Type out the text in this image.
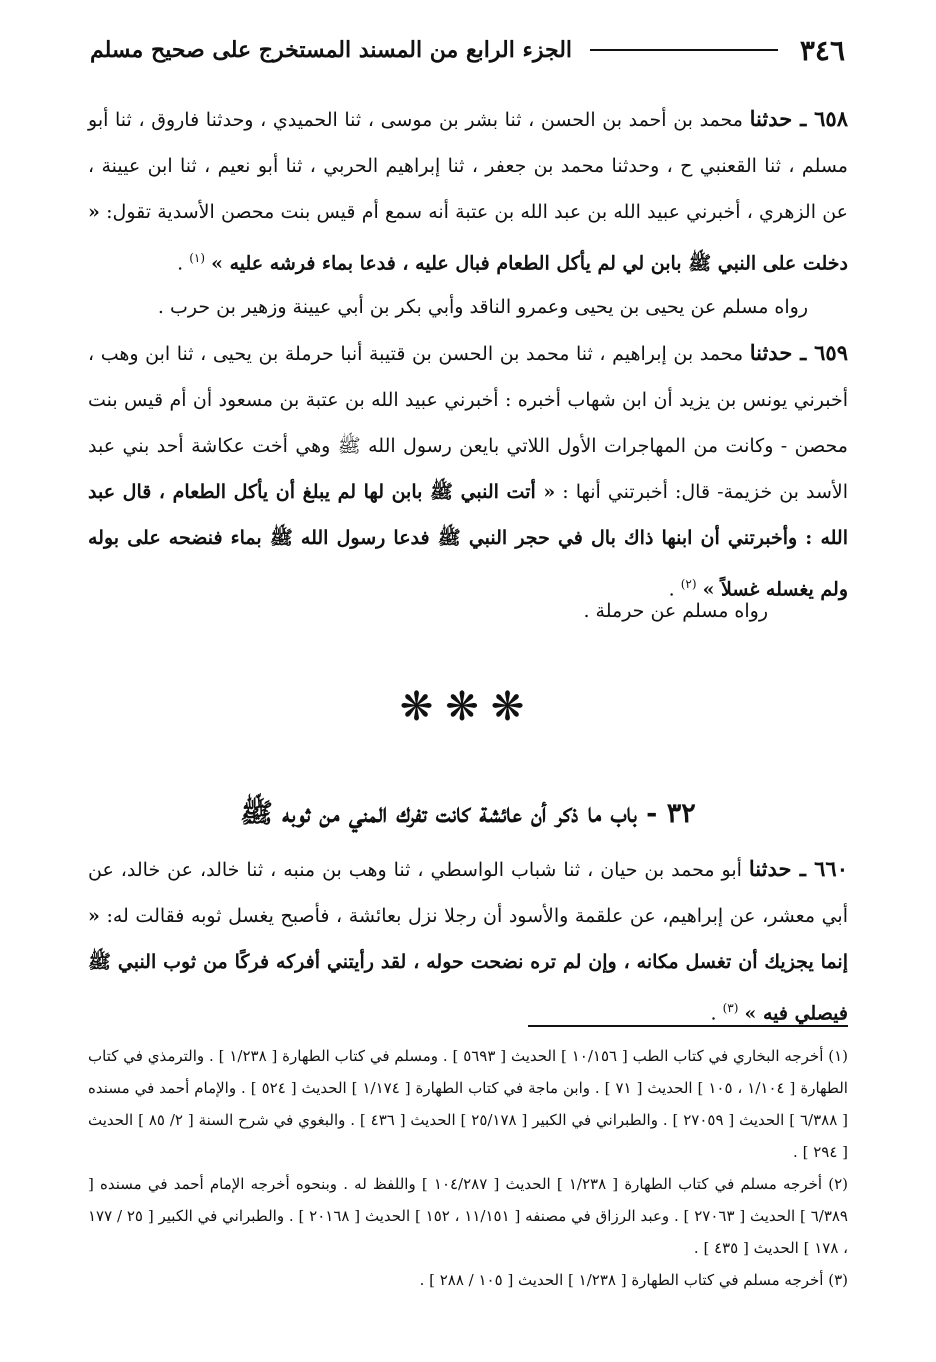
٣٤٦
الجزء الرابع من المسند المستخرج على صحيح مسلم
٦٥٨ ـ حدثنا محمد بن أحمد بن الحسن ، ثنا بشر بن موسى ، ثنا الحميدي ، وحدثنا فاروق ، ثنا أبو مسلم ، ثنا القعنبي ح ، وحدثنا محمد بن جعفر ، ثنا إبراهيم الحربي ، ثنا أبو نعيم ، ثنا ابن عيينة ، عن الزهري ، أخبرني عبيد الله بن عبد الله بن عتبة أنه سمع أم قيس بنت محصن الأسدية تقول: « دخلت على النبي ﷺ بابن لي لم يأكل الطعام فبال عليه ، فدعا بماء فرشه عليه » $^{(١)}$ .
رواه مسلم عن يحيى بن يحيى وعمرو الناقد وأبي بكر بن أبي عيينة وزهير بن حرب .
٦٥٩ ـ حدثنا محمد بن إبراهيم ، ثنا محمد بن الحسن بن قتيبة أنبا حرملة بن يحيى ، ثنا ابن وهب ، أخبرني يونس بن يزيد أن ابن شهاب أخبره : أخبرني عبيد الله بن عتبة بن مسعود أن أم قيس بنت محصن - وكانت من المهاجرات الأول اللاتي بايعن رسول الله ﷺ وهي أخت عكاشة أحد بني عبد الأسد بن خزيمة- قال: أخبرتني أنها : « أتت النبي ﷺ بابن لها لم يبلغ أن يأكل الطعام ، قال عبد الله : وأخبرتني أن ابنها ذاك بال في حجر النبي ﷺ فدعا رسول الله ﷺ بماء فنضحه على بوله ولم يغسله غسلاً » $^{(٢)}$ .
رواه مسلم عن حرملة .
❋❋❋
٣٢ - باب ما ذكر أن عائشة كانت تفرك المني من ثوبه ﷺ
٦٦٠ ـ حدثنا أبو محمد بن حيان ، ثنا شباب الواسطي ، ثنا وهب بن منبه ، ثنا خالد، عن خالد، عن أبي معشر، عن إبراهيم، عن علقمة والأسود أن رجلا نزل بعائشة ، فأصبح يغسل ثوبه فقالت له: « إنما يجزيك أن تغسل مكانه ، وإن لم تره نضحت حوله ، لقد رأيتني أفركه فركًا من ثوب النبي ﷺ فيصلي فيه » $^{(٣)}$ .

(١) أخرجه البخاري في كتاب الطب [ ١٠/١٥٦ ] الحديث [ ٥٦٩٣ ] . ومسلم في كتاب الطهارة [ ١/٢٣٨ ] . والترمذي في كتاب الطهارة [ ١/١٠٤ ، ١٠٥ ] الحديث [ ٧١ ] . وابن ماجة في كتاب الطهارة [ ١/١٧٤ ] الحديث [ ٥٢٤ ] . والإمام أحمد في مسنده [ ٦/٣٨٨ ] الحديث [ ٢٧٠٥٩ ] . والطبراني في الكبير [ ٢٥/١٧٨ ] الحديث [ ٤٣٦ ] . والبغوي في شرح السنة [ ٢/ ٨٥ ] الحديث [ ٢٩٤ ] .

(٢) أخرجه مسلم في كتاب الطهارة [ ١/٢٣٨ ] الحديث [ ١٠٤/٢٨٧ ] واللفظ له . وبنحوه أخرجه الإمام أحمد في مسنده [ ٦/٣٨٩ ] الحديث [ ٢٧٠٦٣ ] . وعبد الرزاق في مصنفه [ ١١/١٥١ ، ١٥٢ ] الحديث [ ٢٠١٦٨ ] . والطبراني في الكبير [ ٢٥ / ١٧٧ ، ١٧٨ ] الحديث [ ٤٣٥ ] .

(٣) أخرجه مسلم في كتاب الطهارة [ ١/٢٣٨ ] الحديث [ ١٠٥ / ٢٨٨ ] .
